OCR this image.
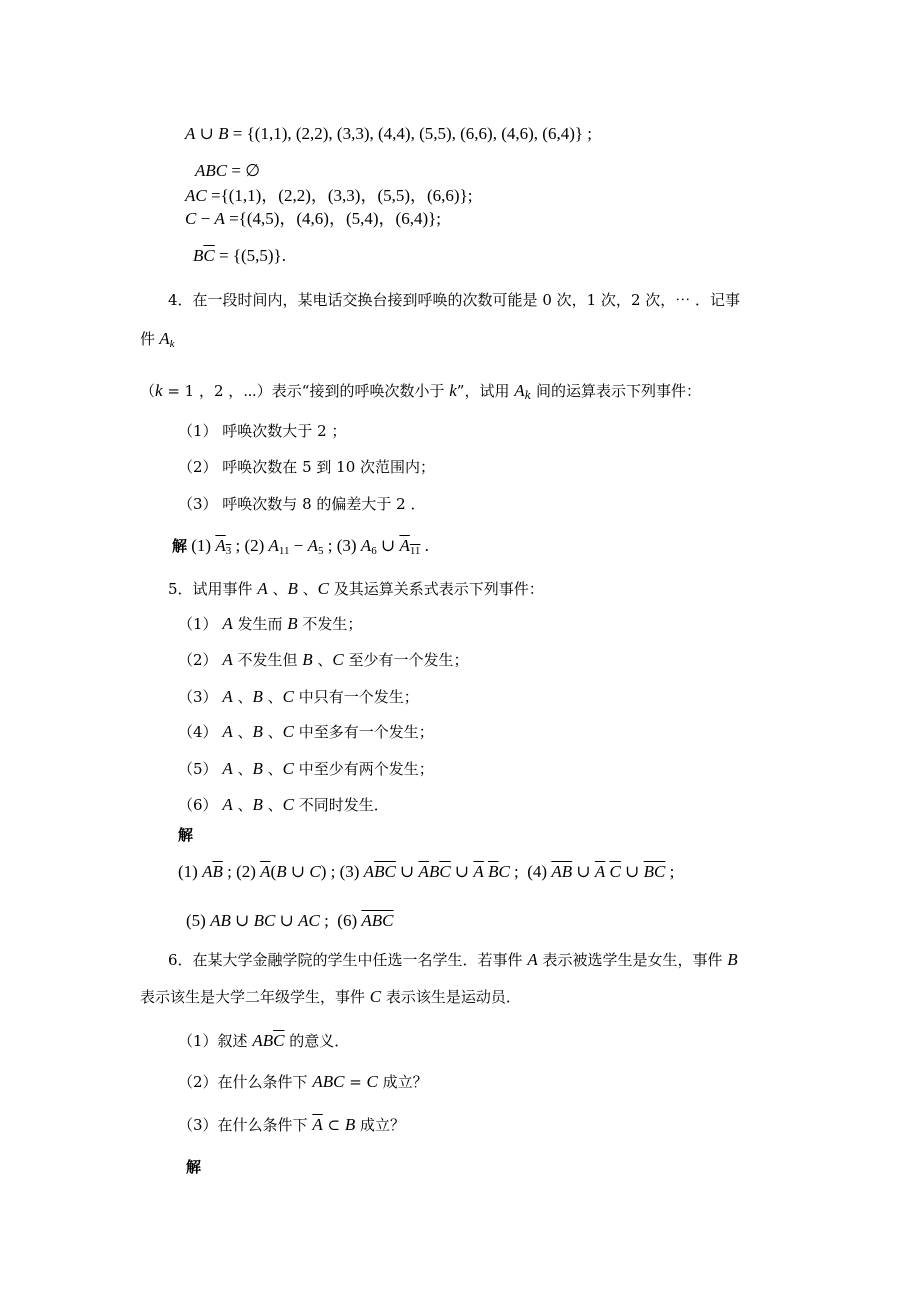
A ∪ B = {(1,1), (2,2), (3,3), (4,4), (5,5), (6,6), (4,6), (6,4)} ;
ABC = ∅
AC ={(1,1)，(2,2)，(3,3)，(5,5)，(6,6)};
C − A ={(4,5)，(4,6)，(5,4)，(6,4)};
$B\overline{C} = \{(5,5)\}$.
4．在一段时间内，某电话交换台接到呼唤的次数可能是 0 次，1 次，2 次，⋯ ．记事
件 $A_k$
（k = 1 ，2 ，⋯）表示“接到的呼唤次数小于 k”，试用 $A_k$ 间的运算表示下列事件：
（1） 呼唤次数大于 2 ；
（2） 呼唤次数在 5 到 10 次范围内；
（3） 呼唤次数与 8 的偏差大于 2 ．
解 (1) $A_3$ ; (2) $A_{11} - A_5$ ; (3) $A_6$ ∪ $A_{11}$ .
5．试用事件 A 、B 、C 及其运算关系式表示下列事件：
（1） A 发生而 B 不发生；
（2） A 不发生但 B 、C 至少有一个发生；
（3） A 、B 、C 中只有一个发生；
（4） A 、B 、C 中至多有一个发生；
（5） A 、B 、C 中至少有两个发生；
（6） A 、B 、C 不同时发生．
解
(1) $A\overline{B}$ ; (2) $\overline{A}(B$ ∪ C) ; (3) $A\overline{B}\overline{C}$ ∪ $\overline{A}B\overline{C}$ ∪ $\overline{A}$ $\overline{B}C$ ;  (4) $\overline{A}\overline{B}$ ∪ $\overline{A}$ $\overline{C}$ ∪ $\overline{B}\overline{C}$ ;
(5) AB ∪ BC ∪ AC ;  (6) $\overline{ABC}$
6．在某大学金融学院的学生中任选一名学生．若事件 A 表示被选学生是女生，事件 B
表示该生是大学二年级学生，事件 C 表示该生是运动员．
（1）叙述 $AB\overline{C}$ 的意义．
（2）在什么条件下 ABC = C 成立？
（3）在什么条件下 $\overline{A}$ ⊂ B 成立？
解
